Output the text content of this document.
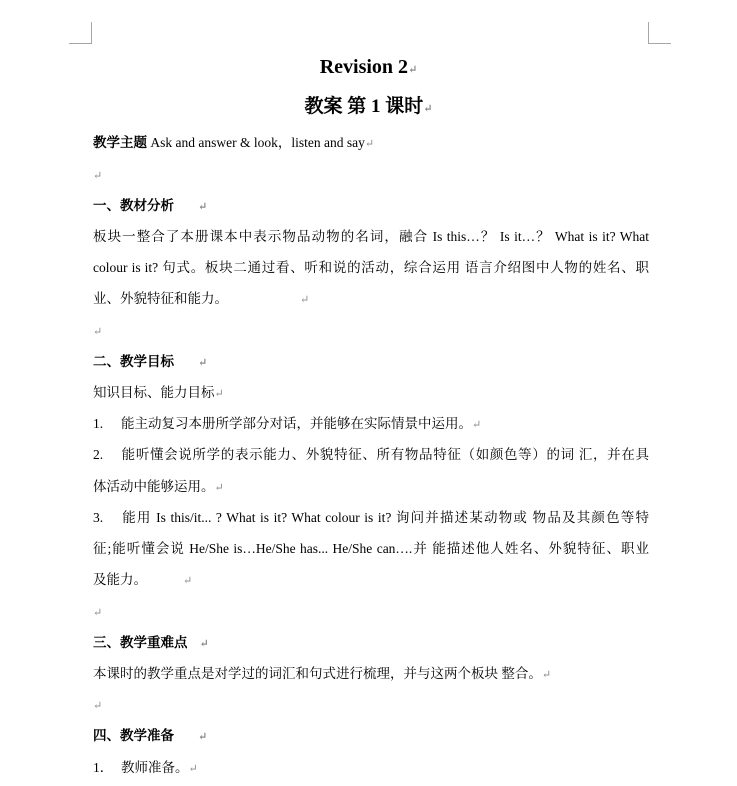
Revision 2↵
教案 第 1 课时↵
教学主题 Ask and answer & look，listen and say↵
↵
一、教材分析 ↵
板块一整合了本册课本中表示物品动物的名词，融合 Is this…？ Is it…？ What is it? What
colour is it? 句式。板块二通过看、听和说的活动，综合运用 语言介绍图中人物的姓名、职
业、外貌特征和能力。	↵
↵
二、教学目标 ↵
知识目标、能力目标↵
1. 能主动复习本册所学部分对话，并能够在实际情景中运用。↵
2. 能听懂会说所学的表示能力、外貌特征、所有物品特征（如颜色等）的词 汇，并在具
体活动中能够运用。↵
3. 能用 Is this/it... ? What is it? What colour is it? 询问并描述某动物或 物品及其颜色等特
征;能听懂会说 He/She is…He/She has... He/She can….并 能描述他人姓名、外貌特征、职业
及能力。	↵
↵
三、教学重难点 ↵
本课时的教学重点是对学过的词汇和句式进行梳理，并与这两个板块 整合。↵
↵
四、教学准备 ↵
1． 教师准备。↵
